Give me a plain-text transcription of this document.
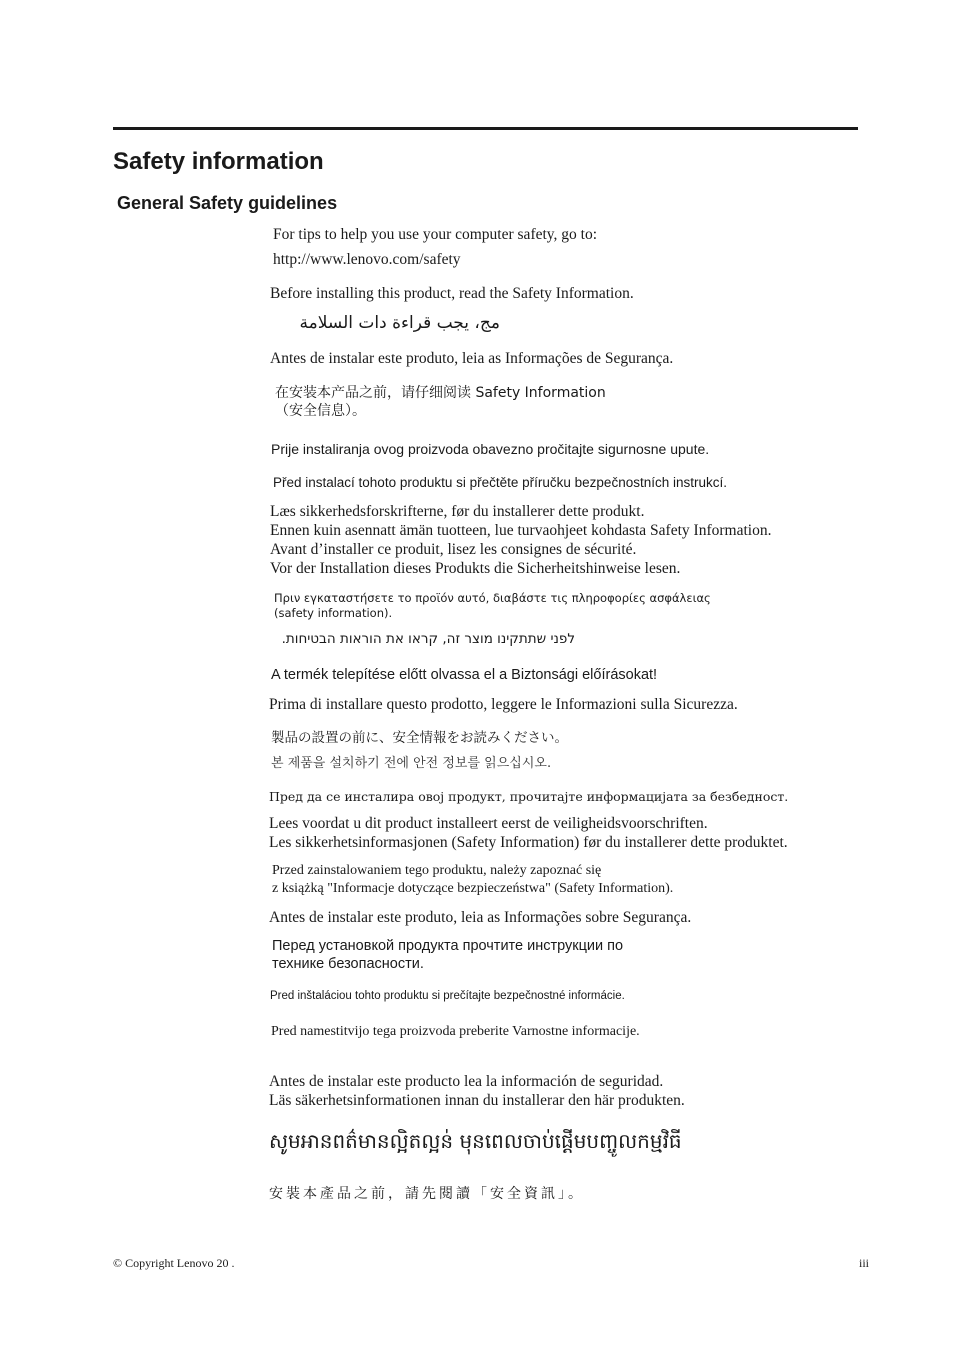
Safety information
General Safety guidelines

For tips to help you use your computer safety, go to:

http://www.lenovo.com/safety

Before installing this product, read the Safety Information.

مج، يجب قراءة دات السلامة

Antes de instalar este produto, leia as Informações de Segurança.

在安装本产品之前，请仔细阅读 Safety Information
（安全信息）。

Prije instaliranja ovog proizvoda obavezno pročitajte sigurnosne upute.

Před instalací tohoto produktu si přečtěte příručku bezpečnostních instrukcí.

Læs sikkerhedsforskrifterne, før du installerer dette produkt.
Ennen kuin asennatt ämän tuotteen, lue turvaohjeet kohdasta Safety Information.
Avant d’installer ce produit, lisez les consignes de sécurité.
Vor der Installation dieses Produkts die Sicherheitshinweise lesen.
Πριν εγκαταστήσετε το προϊόν αυτό, διαβάστε τις πληροφορίες ασφάλειας
(safety information).

לפני שתתקינו מוצר זה, קראו את הוראות הבטיחות.

A termék telepítése előtt olvassa el a Biztonsági előírásokat!

Prima di installare questo prodotto, leggere le Informazioni sulla Sicurezza.

製品の設置の前に、安全情報をお読みください。

본 제품을 설치하기 전에 안전 정보를 읽으십시오.

Пред да се инсталира овој продукт, прочитајте информацијата за безбедност.

Lees voordat u dit product installeert eerst de veiligheidsvoorschriften.
Les sikkerhetsinformasjonen (Safety Information) før du installerer dette produktet.
Przed zainstalowaniem tego produktu, należy zapoznać się
z książką "Informacje dotyczące bezpieczeństwa" (Safety Information).

Antes de instalar este produto, leia as Informações sobre Segurança.

Перед установкой продукта прочтите инструкции по
технике безопасности.

Pred inštaláciou tohto produktu si prečítajte bezpečnostné informácie.

Pred namestitvijo tega proizvoda preberite Varnostne informacije.

Antes de instalar este producto lea la información de seguridad.
Läs säkerhetsinformationen innan du installerar den här produkten.

សូមអានពត៌មានល្អិតល្អន់ មុនពេលចាប់ផ្តើមបញ្ចូលកម្មវិធី

安裝本產品之前，請先閱讀「安全資訊」。

© Copyright Lenovo 20 .	iii
